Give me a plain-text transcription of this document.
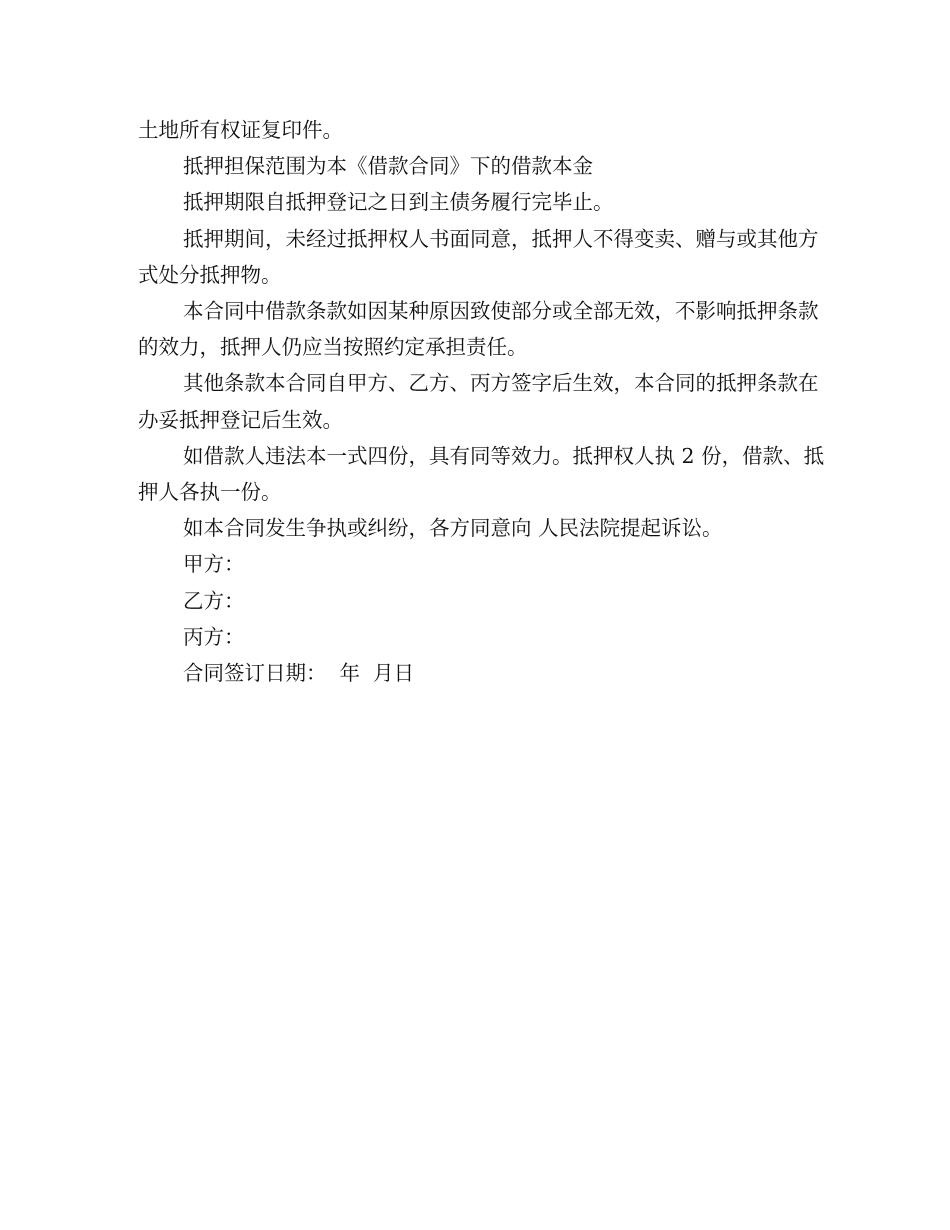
土地所有权证复印件。

抵押担保范围为本《借款合同》下的借款本金

抵押期限自抵押登记之日到主债务履行完毕止。

抵押期间，未经过抵押权人书面同意，抵押人不得变卖、赠与或其他方式处分抵押物。

本合同中借款条款如因某种原因致使部分或全部无效，不影响抵押条款的效力，抵押人仍应当按照约定承担责任。

其他条款本合同自甲方、乙方、丙方签字后生效，本合同的抵押条款在办妥抵押登记后生效。

如借款人违法本一式四份，具有同等效力。抵押权人执 2 份，借款、抵押人各执一份。

如本合同发生争执或纠纷，各方同意向 人民法院提起诉讼。

甲方：

乙方：

丙方：

合同签订日期：  年  月日
